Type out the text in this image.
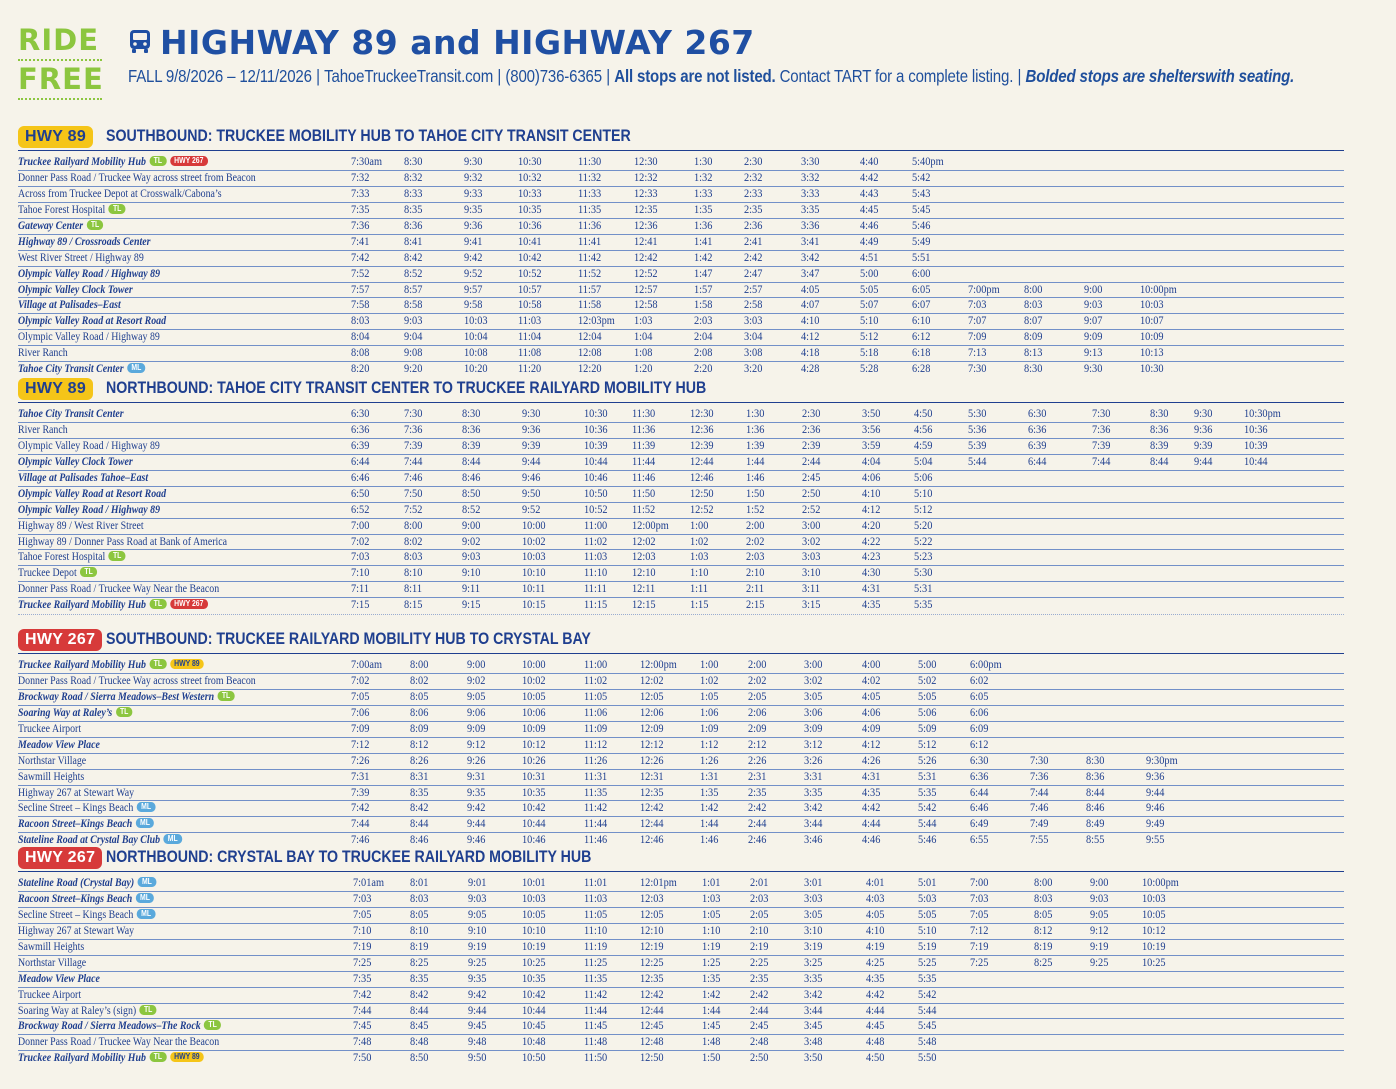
RIDE
FREE
HIGHWAY 89 and HIGHWAY 267
FALL 9/8/2026 – 12/11/2026 | TahoeTruckeeTransit.com | (800)736-6365 | All stops are not listed. Contact TART for a complete listing. | Bolded stops are shelterswith seating.
HWY 89	SOUTHBOUND: TRUCKEE MOBILITY HUB TO TAHOE CITY TRANSIT CENTER
Truckee Railyard Mobility Hub TL	HWY 267	7:30am 8:30	9:30	10:30	11:30	12:30	1:30	2:30	3:30	4:40	5:40pm
Donner Pass Road / Truckee Way across street from Beacon	7:32	8:32	9:32	10:32	11:32	12:32	1:32	2:32	3:32	4:42	5:42
Across from Truckee Depot at Crosswalk/Cabona’s	7:33	8:33	9:33	10:33	11:33	12:33	1:33	2:33	3:33	4:43	5:43
Tahoe Forest Hospital TL	7:35	8:35	9:35	10:35	11:35	12:35	1:35	2:35	3:35	4:45	5:45
Gateway Center TL	7:36	8:36	9:36	10:36	11:36	12:36	1:36	2:36	3:36	4:46	5:46
Highway 89 / Crossroads Center	7:41	8:41	9:41	10:41	11:41	12:41	1:41	2:41	3:41	4:49	5:49
West River Street / Highway 89	7:42	8:42	9:42	10:42	11:42	12:42	1:42	2:42	3:42	4:51	5:51
Olympic Valley Road / Highway 89	7:52	8:52	9:52	10:52	11:52	12:52	1:47	2:47	3:47	5:00	6:00
Olympic Valley Clock Tower	7:57	8:57	9:57	10:57	11:57	12:57	1:57	2:57	4:05	5:05	6:05	7:00pm 8:00	9:00	10:00pm
Village at Palisades–East	7:58	8:58	9:58	10:58	11:58	12:58	1:58	2:58	4:07	5:07	6:07	7:03	8:03	9:03	10:03
Olympic Valley Road at Resort Road	8:03	9:03	10:03	11:03	12:03pm 1:03	2:03	3:03	4:10	5:10	6:10	7:07	8:07	9:07	10:07
Olympic Valley Road / Highway 89	8:04	9:04	10:04	11:04	12:04	1:04	2:04	3:04	4:12	5:12	6:12	7:09	8:09	9:09	10:09
River Ranch	8:08	9:08	10:08	11:08	12:08	1:08	2:08	3:08	4:18	5:18	6:18	7:13	8:13	9:13	10:13
Tahoe City Transit Center ML	8:20	9:20	10:20	11:20	12:20	1:20	2:20	3:20	4:28	5:28	6:28	7:30	8:30	9:30	10:30
HWY 89	NORTHBOUND: TAHOE CITY TRANSIT CENTER TO TRUCKEE RAILYARD MOBILITY HUB
Tahoe City Transit Center	6:30	7:30	8:30	9:30	10:30 11:30	12:30	1:30	2:30	3:50	4:50	5:30	6:30	7:30	8:30 9:30	10:30pm
River Ranch	6:36	7:36	8:36	9:36	10:36 11:36	12:36	1:36	2:36	3:56	4:56	5:36	6:36	7:36	8:36 9:36	10:36
Olympic Valley Road / Highway 89	6:39	7:39	8:39	9:39	10:39 11:39	12:39	1:39	2:39	3:59	4:59	5:39	6:39	7:39	8:39 9:39	10:39
Olympic Valley Clock Tower	6:44	7:44	8:44	9:44	10:44 11:44	12:44	1:44	2:44	4:04	5:04	5:44	6:44	7:44	8:44 9:44	10:44
Village at Palisades Tahoe–East	6:46	7:46	8:46	9:46	10:46 11:46	12:46	1:46	2:45	4:06	5:06
Olympic Valley Road at Resort Road	6:50	7:50	8:50	9:50	10:50 11:50	12:50	1:50	2:50	4:10	5:10
Olympic Valley Road / Highway 89	6:52	7:52	8:52	9:52	10:52 11:52	12:52	1:52	2:52	4:12	5:12
Highway 89 / West River Street	7:00	8:00	9:00	10:00	11:00 12:00pm 1:00	2:00	3:00	4:20	5:20
Highway 89 / Donner Pass Road at Bank of America	7:02	8:02	9:02	10:02	11:02 12:02	1:02	2:02	3:02	4:22	5:22
Tahoe Forest Hospital TL	7:03	8:03	9:03	10:03	11:03 12:03	1:03	2:03	3:03	4:23	5:23
Truckee Depot TL	7:10	8:10	9:10	10:10	11:10 12:10	1:10	2:10	3:10	4:30	5:30
Donner Pass Road / Truckee Way Near the Beacon	7:11	8:11	9:11	10:11	11:11 12:11	1:11	2:11	3:11	4:31	5:31
Truckee Railyard Mobility Hub TL	HWY 267	7:15	8:15	9:15	10:15	11:15 12:15	1:15	2:15	3:15	4:35	5:35
HWY 267 SOUTHBOUND: TRUCKEE RAILYARD MOBILITY HUB TO CRYSTAL BAY
Truckee Railyard Mobility Hub TL	HWY 89	7:00am 8:00	9:00	10:00	11:00	12:00pm 1:00	2:00	3:00	4:00	5:00	6:00pm
Donner Pass Road / Truckee Way across street from Beacon	7:02	8:02	9:02	10:02	11:02	12:02	1:02	2:02	3:02	4:02	5:02	6:02
Brockway Road / Sierra Meadows–Best Western TL	7:05	8:05	9:05	10:05	11:05	12:05	1:05	2:05	3:05	4:05	5:05	6:05
Soaring Way at Raley’s TL	7:06	8:06	9:06	10:06	11:06	12:06	1:06	2:06	3:06	4:06	5:06	6:06
Truckee Airport	7:09	8:09	9:09	10:09	11:09	12:09	1:09	2:09	3:09	4:09	5:09	6:09
Meadow View Place	7:12	8:12	9:12	10:12	11:12	12:12	1:12	2:12	3:12	4:12	5:12	6:12
Northstar Village	7:26	8:26	9:26	10:26	11:26	12:26	1:26	2:26	3:26	4:26	5:26	6:30	7:30	8:30	9:30pm
Sawmill Heights	7:31	8:31	9:31	10:31	11:31	12:31	1:31	2:31	3:31	4:31	5:31	6:36	7:36	8:36	9:36
Highway 267 at Stewart Way	7:39	8:35	9:35	10:35	11:35	12:35	1:35	2:35	3:35	4:35	5:35	6:44	7:44	8:44	9:44
Secline Street – Kings Beach ML	7:42	8:42	9:42	10:42	11:42	12:42	1:42	2:42	3:42	4:42	5:42	6:46	7:46	8:46	9:46
Racoon Street–Kings Beach ML	7:44	8:44	9:44	10:44	11:44	12:44	1:44	2:44	3:44	4:44	5:44	6:49	7:49	8:49	9:49
Stateline Road at Crystal Bay Club ML	7:46	8:46	9:46	10:46	11:46	12:46	1:46	2:46	3:46	4:46	5:46	6:55	7:55	8:55	9:55
HWY 267 NORTHBOUND: CRYSTAL BAY TO TRUCKEE RAILYARD MOBILITY HUB
Stateline Road (Crystal Bay) ML	7:01am 8:01	9:01	10:01	11:01	12:01pm 1:01	2:01	3:01	4:01	5:01	7:00	8:00	9:00	10:00pm
Racoon Street–Kings Beach ML	7:03	8:03	9:03	10:03	11:03	12:03	1:03	2:03	3:03	4:03	5:03	7:03	8:03	9:03	10:03
Secline Street – Kings Beach ML	7:05	8:05	9:05	10:05	11:05	12:05	1:05	2:05	3:05	4:05	5:05	7:05	8:05	9:05	10:05
Highway 267 at Stewart Way	7:10	8:10	9:10	10:10	11:10	12:10	1:10	2:10	3:10	4:10	5:10	7:12	8:12	9:12	10:12
Sawmill Heights	7:19	8:19	9:19	10:19	11:19	12:19	1:19	2:19	3:19	4:19	5:19	7:19	8:19	9:19	10:19
Northstar Village	7:25	8:25	9:25	10:25	11:25	12:25	1:25	2:25	3:25	4:25	5:25	7:25	8:25	9:25	10:25
Meadow View Place	7:35	8:35	9:35	10:35	11:35	12:35	1:35	2:35	3:35	4:35	5:35
Truckee Airport	7:42	8:42	9:42	10:42	11:42	12:42	1:42	2:42	3:42	4:42	5:42
Soaring Way at Raley’s (sign) TL	7:44	8:44	9:44	10:44	11:44	12:44	1:44	2:44	3:44	4:44	5:44
Brockway Road / Sierra Meadows–The Rock TL	7:45	8:45	9:45	10:45	11:45	12:45	1:45	2:45	3:45	4:45	5:45
Donner Pass Road / Truckee Way Near the Beacon	7:48	8:48	9:48	10:48	11:48	12:48	1:48	2:48	3:48	4:48	5:48
Truckee Railyard Mobility Hub TL	HWY 89	7:50	8:50	9:50	10:50	11:50	12:50	1:50	2:50	3:50	4:50	5:50
